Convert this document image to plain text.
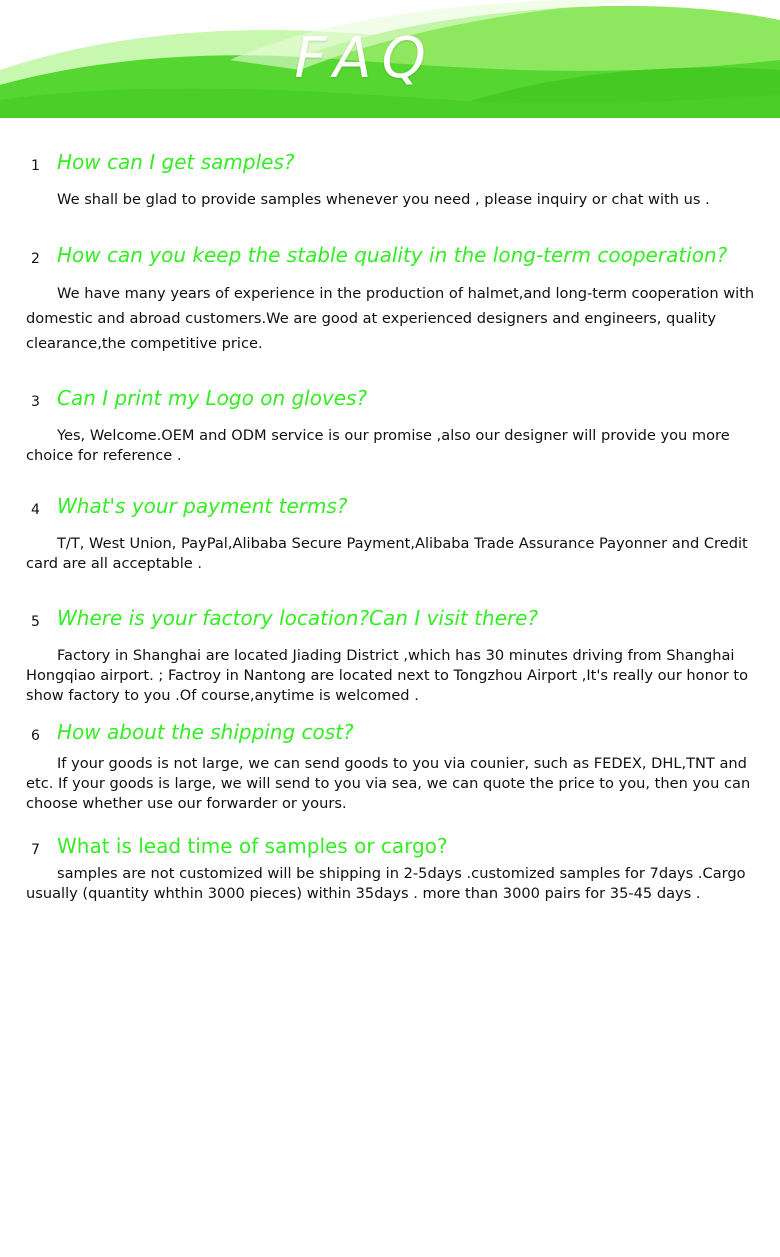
FAQ
1 How can I get samples?

We shall be glad to provide samples whenever you need , please inquiry or chat with us .

2 How can you keep the stable quality in the long-term cooperation?

We have many years of experience in the production of halmet,and long-term cooperation with domestic and abroad customers.We are good at experienced designers and engineers, quality clearance,the competitive price.

3 Can I print my Logo on gloves?

Yes, Welcome.OEM and ODM service is our promise ,also our designer will provide you more choice for reference .

4 What's your payment terms?

T/T, West Union, PayPal,Alibaba Secure Payment,Alibaba Trade Assurance Payonner and Credit card are all acceptable .

5 Where is your factory location?Can I visit there?

Factory in Shanghai are located Jiading District ,which has 30 minutes driving from Shanghai Hongqiao airport. ; Factroy in Nantong are located next to Tongzhou Airport ,It's really our honor to show factory to you .Of course,anytime is welcomed .

6 How about the shipping cost?

If your goods is not large, we can send goods to you via counier, such as FEDEX, DHL,TNT and etc. If your goods is large, we will send to you via sea, we can quote the price to you, then you can choose whether use our forwarder or yours.

7 What is lead time of samples or cargo?

samples are not customized will be shipping in 2-5days .customized samples for 7days .Cargo usually (quantity whthin 3000 pieces) within 35days . more than 3000 pairs for 35-45 days .
